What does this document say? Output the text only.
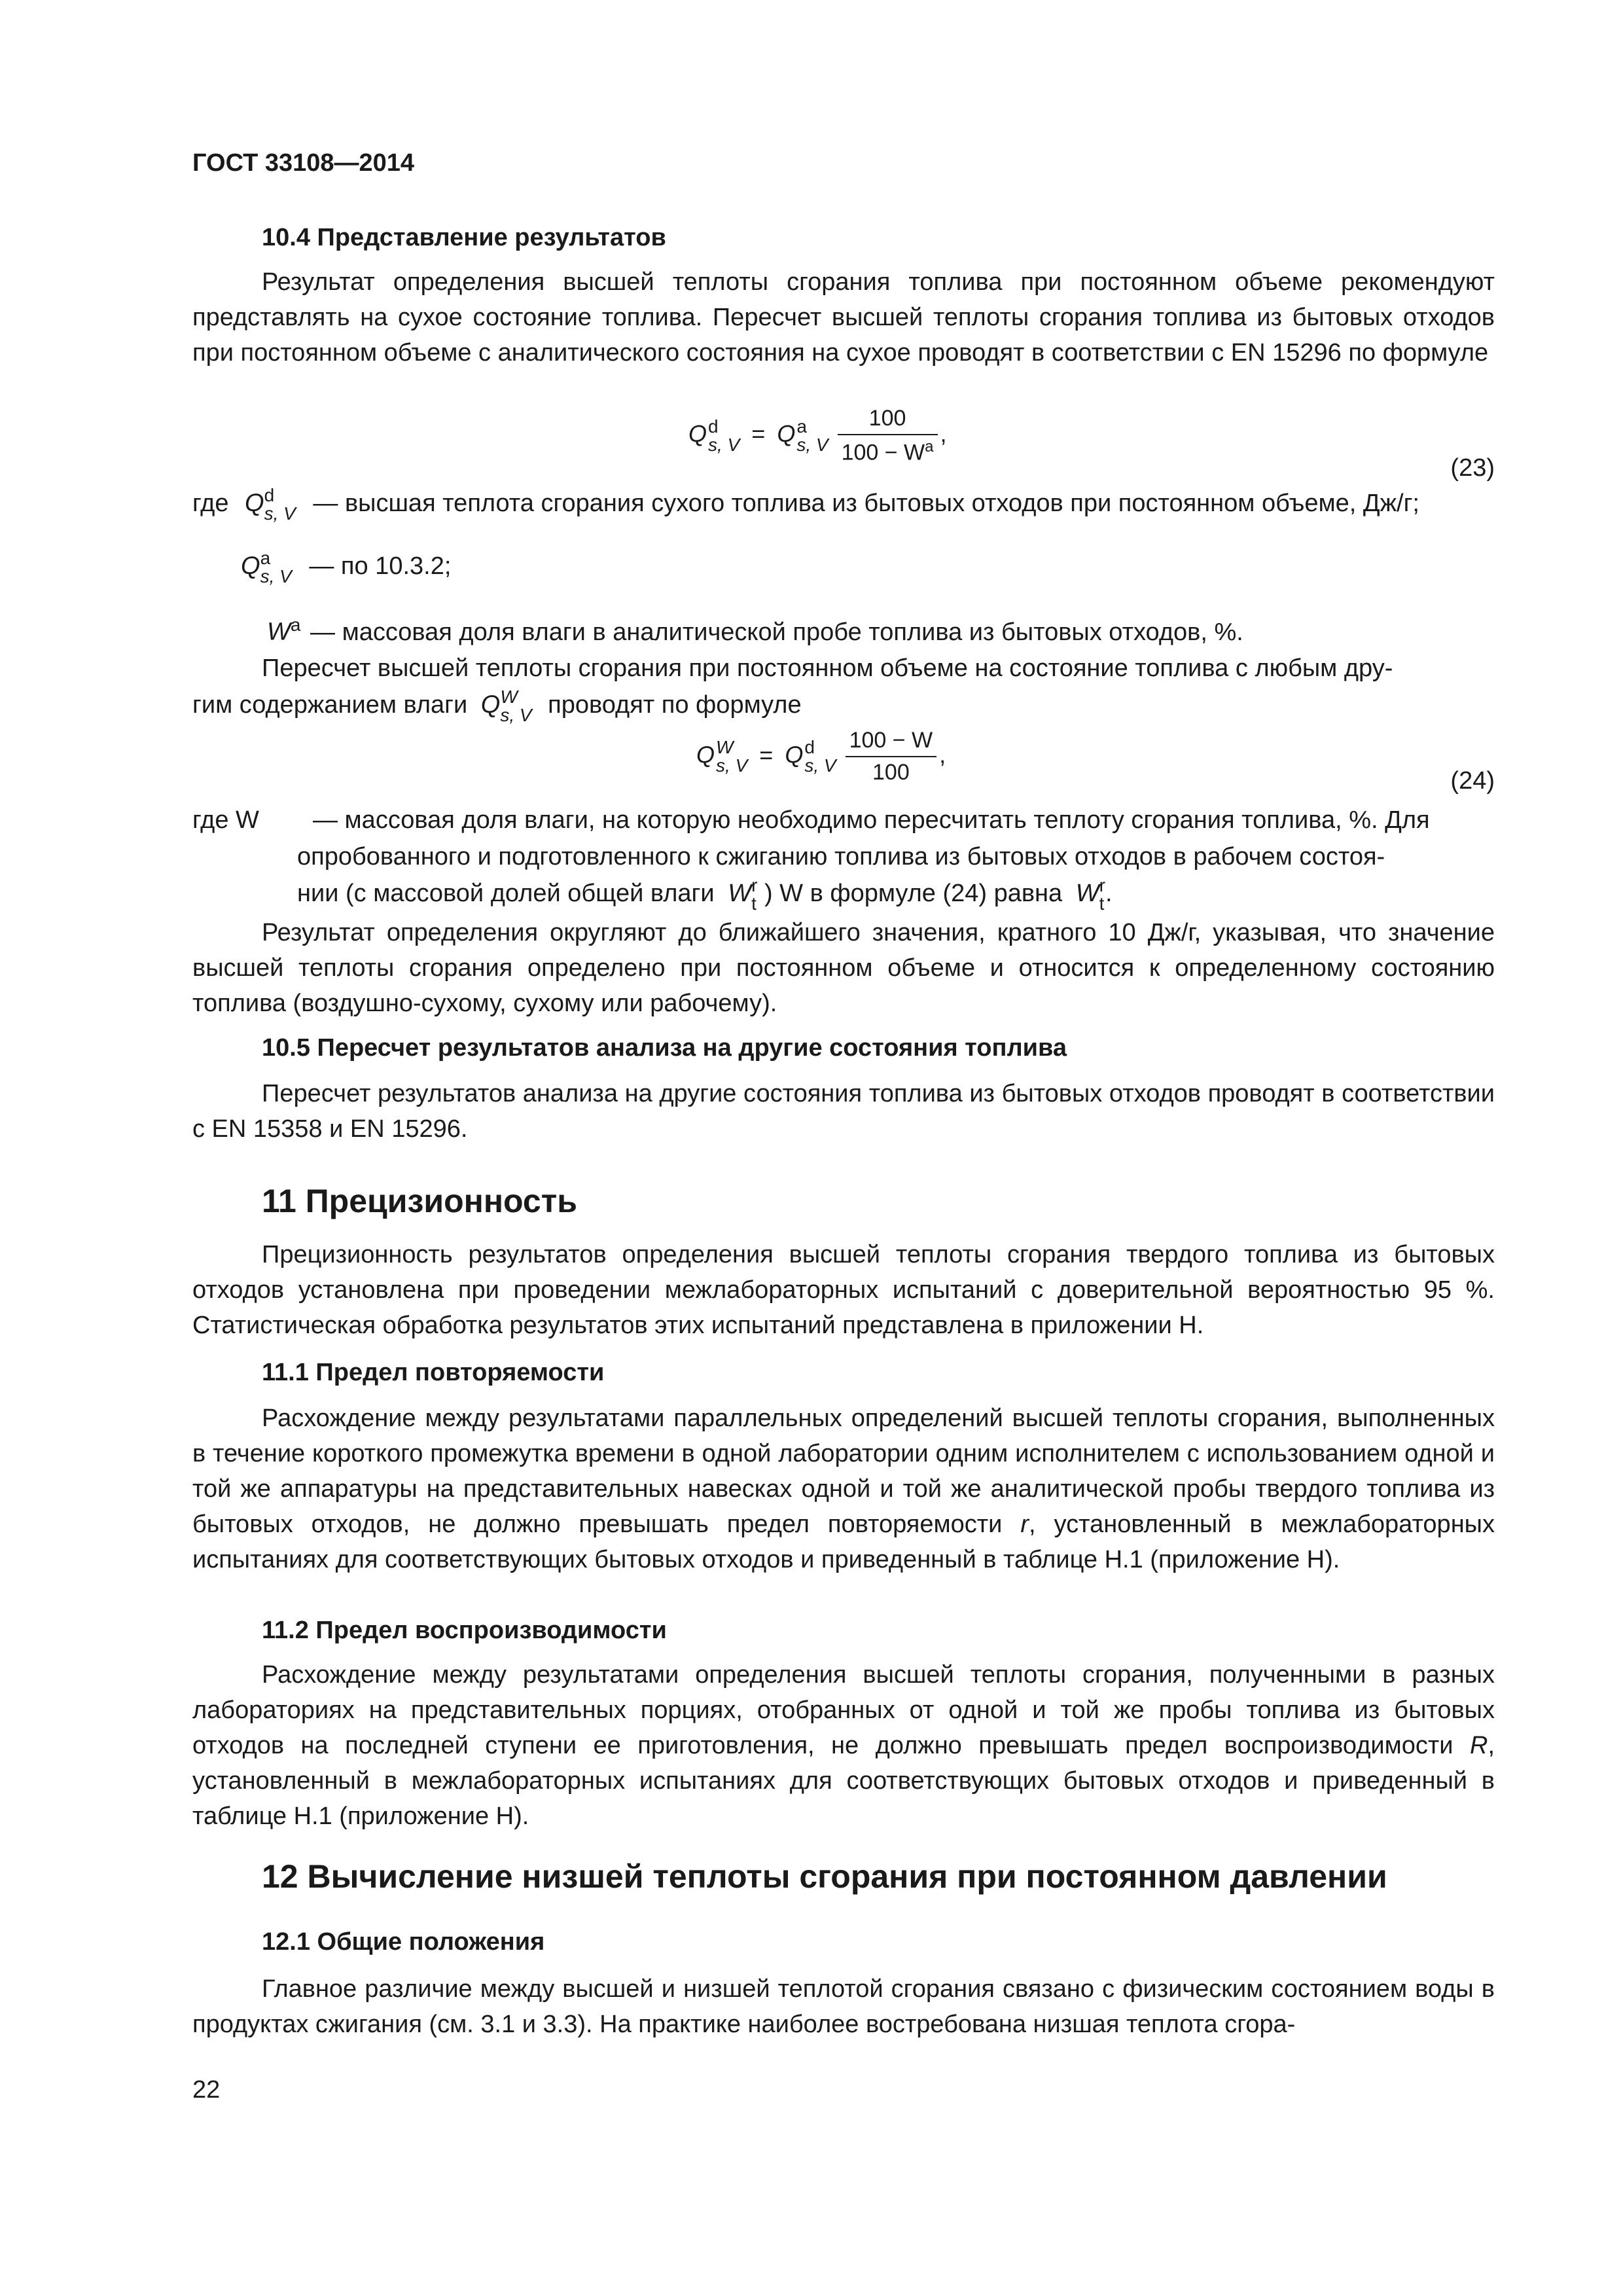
ГОСТ 33108—2014
10.4 Представление результатов

Результат определения высшей теплоты сгорания топлива при постоянном объеме рекомендуют представлять на сухое состояние топлива. Пересчет высшей теплоты сгорания топлива из бытовых отходов при постоянном объеме с аналитического состояния на сухое проводят в соответствии с EN 15296 по формуле

Q d
s, V = Q a
s, V
$\frac{100}{100 - W^a}$ ,
(23)
где Q d
s, V — высшая теплота сгорания сухого топлива из бытовых отходов при постоянном объеме, Дж/г;
Q a
s, V — по 10.3.2;
$W^a$ — массовая доля влаги в аналитической пробе топлива из бытовых отходов, %.
Пересчет высшей теплоты сгорания при постоянном объеме на состояние топлива с любым дру-
гим содержанием влаги Q W
s, V проводят по формуле
Q W
s, V = Q d
s, V
$\frac{100 - W}{100}$ ,
(24)
где W — массовая доля влаги, на которую необходимо пересчитать теплоту сгорания топлива, %. Для
опробованного и подготовленного к сжиганию топлива из бытовых отходов в рабочем состоя-
нии (с массовой долей общей влаги W r
t ) W в формуле (24) равна W r
t .

Результат определения округляют до ближайшего значения, кратного 10 Дж/г, указывая, что значение высшей теплоты сгорания определено при постоянном объеме и относится к определенному состоянию топлива (воздушно-сухому, сухому или рабочему).

10.5 Пересчет результатов анализа на другие состояния топлива

Пересчет результатов анализа на другие состояния топлива из бытовых отходов проводят в соответствии с EN 15358 и EN 15296.

11 Прецизионность

Прецизионность результатов определения высшей теплоты сгорания твердого топлива из бытовых отходов установлена при проведении межлабораторных испытаний с доверительной вероятностью 95 %. Статистическая обработка результатов этих испытаний представлена в приложении Н.

11.1 Предел повторяемости

Расхождение между результатами параллельных определений высшей теплоты сгорания, выполненных в течение короткого промежутка времени в одной лаборатории одним исполнителем с использованием одной и той же аппаратуры на представительных навесках одной и той же аналитической пробы твердого топлива из бытовых отходов, не должно превышать предел повторяемости r, установленный в межлабораторных испытаниях для соответствующих бытовых отходов и приведенный в таблице Н.1 (приложение Н).

11.2 Предел воспроизводимости

Расхождение между результатами определения высшей теплоты сгорания, полученными в разных лабораториях на представительных порциях, отобранных от одной и той же пробы топлива из бытовых отходов на последней ступени ее приготовления, не должно превышать предел воспроизводимости R, установленный в межлабораторных испытаниях для соответствующих бытовых отходов и приведенный в таблице Н.1 (приложение Н).

12 Вычисление низшей теплоты сгорания при постоянном давлении
12.1 Общие положения

Главное различие между высшей и низшей теплотой сгорания связано с физическим состоянием воды в продуктах сжигания (см. 3.1 и 3.3). На практике наиболее востребована низшая теплота сгора-

22
